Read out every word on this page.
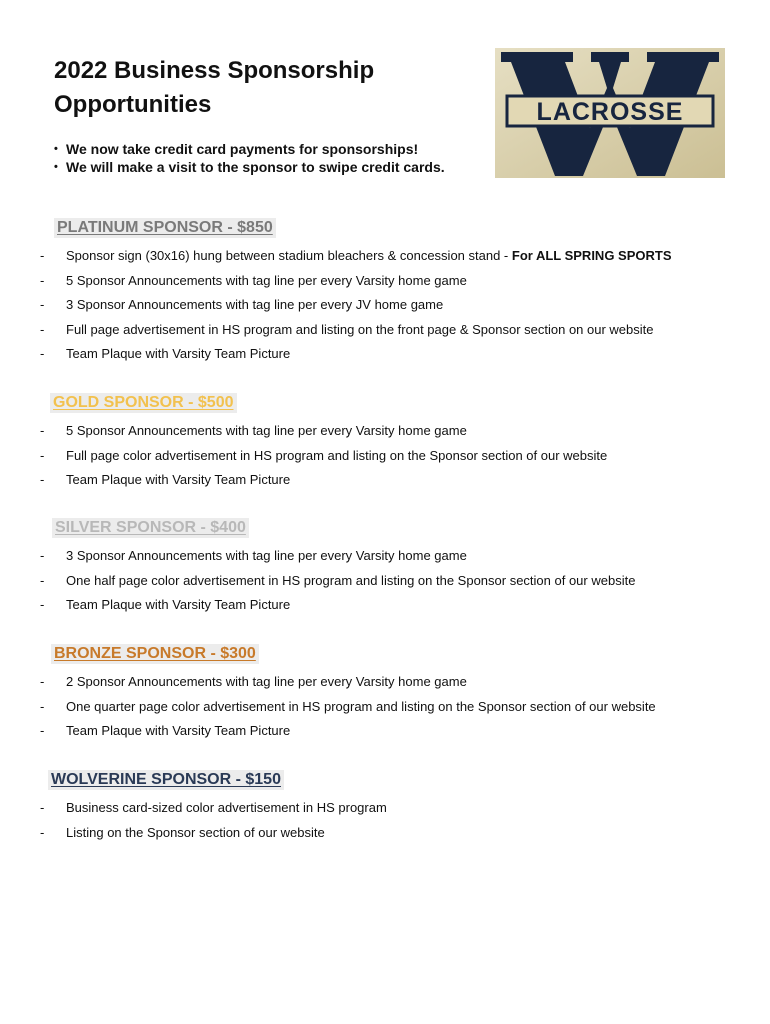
2022 Business Sponsorship Opportunities
• We now take credit card payments for sponsorships!
• We will make a visit to the sponsor to swipe credit cards.
LACROSSE
PLATINUM SPONSOR - $850
- Sponsor sign (30x16) hung between stadium bleachers & concession stand - For ALL SPRING SPORTS
- 5 Sponsor Announcements with tag line per every Varsity home game
- 3 Sponsor Announcements with tag line per every JV home game
- Full page advertisement in HS program and listing on the front page & Sponsor section on our website
- Team Plaque with Varsity Team Picture
GOLD SPONSOR - $500
- 5 Sponsor Announcements with tag line per every Varsity home game
- Full page color advertisement in HS program and listing on the Sponsor section of our website
- Team Plaque with Varsity Team Picture
SILVER SPONSOR - $400
- 3 Sponsor Announcements with tag line per every Varsity home game
- One half page color advertisement in HS program and listing on the Sponsor section of our website
- Team Plaque with Varsity Team Picture
BRONZE SPONSOR - $300
- 2 Sponsor Announcements with tag line per every Varsity home game
- One quarter page color advertisement in HS program and listing on the Sponsor section of our website
- Team Plaque with Varsity Team Picture
WOLVERINE SPONSOR - $150
- Business card-sized color advertisement in HS program
- Listing on the Sponsor section of our website
